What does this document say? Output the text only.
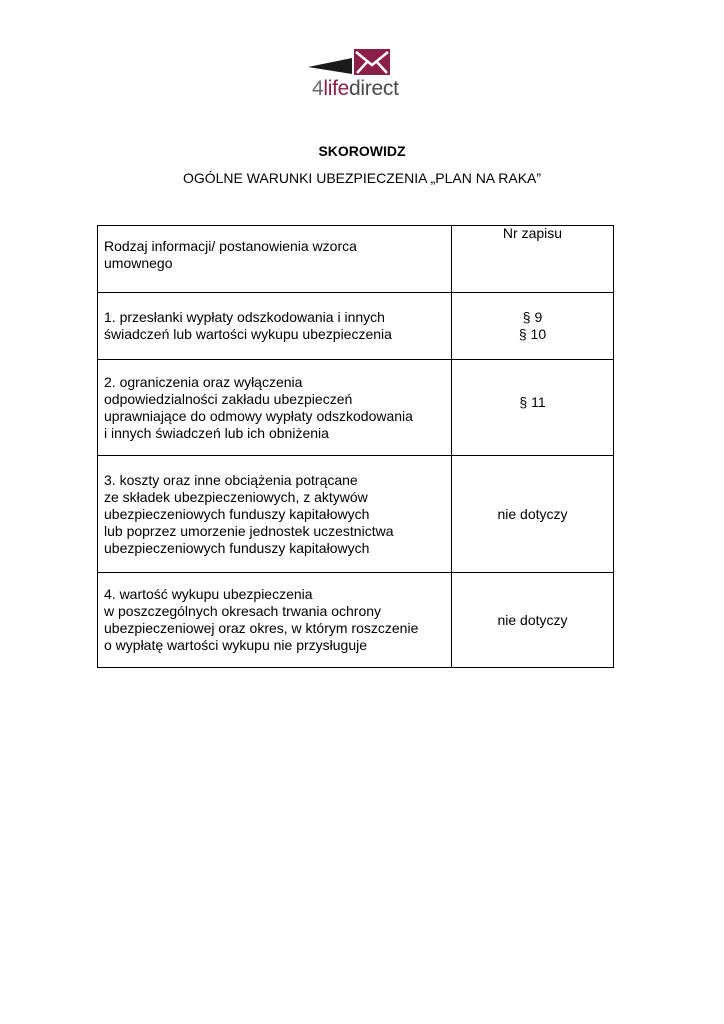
4lifedirect
SKOROWIDZ
OGÓLNE WARUNKI UBEZPIECZENIA „PLAN NA RAKA”
Rodzaj informacji/ postanowienia wzorca
umownego	Nr zapisu

1. przesłanki wypłaty odszkodowania i innych
świadczeń lub wartości wykupu ubezpieczenia	§ 9
§ 10

2. ograniczenia oraz wyłączenia
odpowiedzialności zakładu ubezpieczeń
uprawniające do odmowy wypłaty odszkodowania
i innych świadczeń lub ich obniżenia	§ 11

3. koszty oraz inne obciążenia potrącane
ze składek ubezpieczeniowych, z aktywów
ubezpieczeniowych funduszy kapitałowych
lub poprzez umorzenie jednostek uczestnictwa
ubezpieczeniowych funduszy kapitałowych	nie dotyczy

4. wartość wykupu ubezpieczenia
w poszczególnych okresach trwania ochrony
ubezpieczeniowej oraz okres, w którym roszczenie
o wypłatę wartości wykupu nie przysługuje	nie dotyczy
